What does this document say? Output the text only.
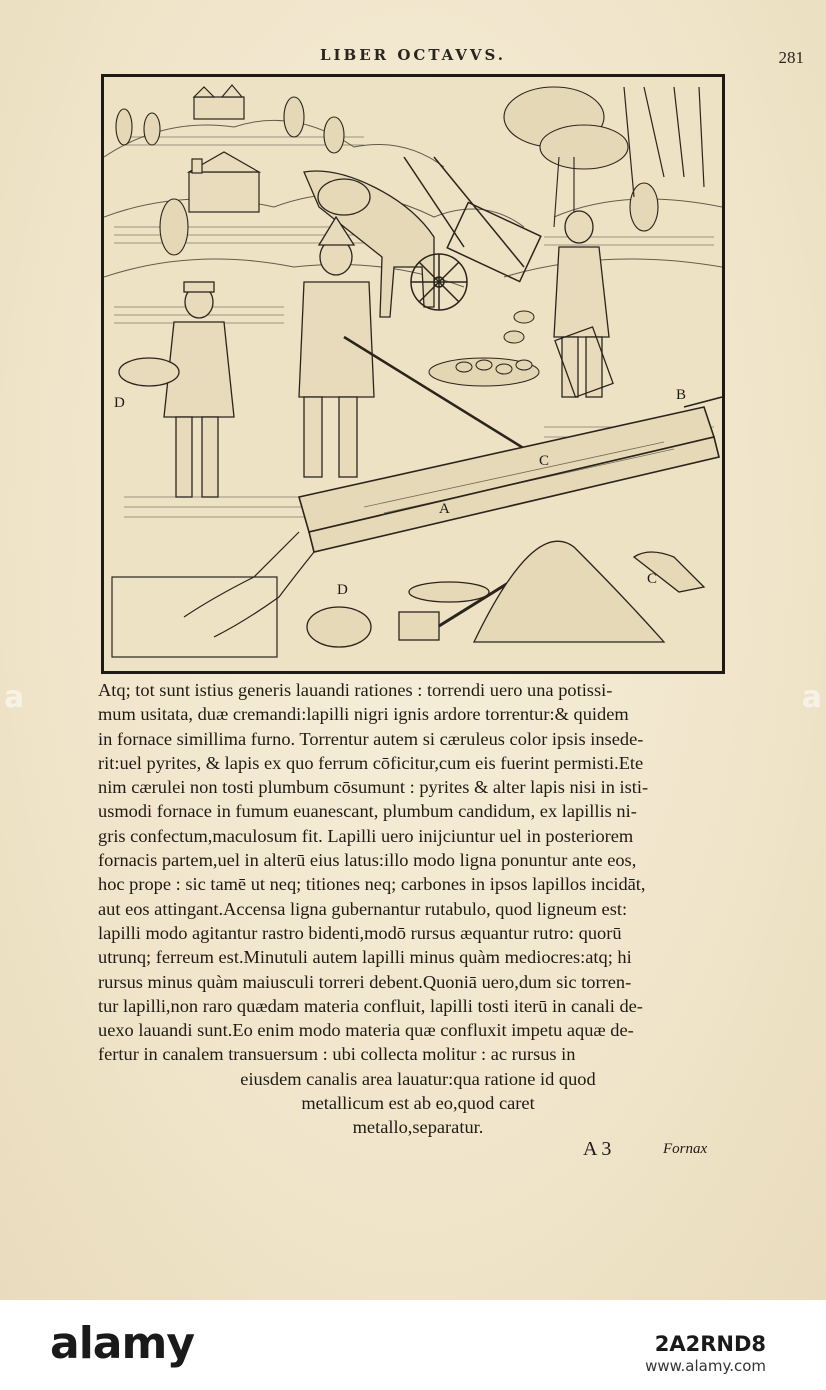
LIBER OCTAVVS.	281
A
B
C
C
D
D
Atq; tot sunt istius generis lauandi rationes : torrendi uero una potissi-
mum usitata, duæ cremandi:lapilli nigri ignis ardore torrentur:& quidem
in fornace simillima furno. Torrentur autem si cæruleus color ipsis insede-
rit:uel pyrites, & lapis ex quo ferrum cōficitur,cum eis fuerint permisti.Ete
nim cærulei non tosti plumbum cōsumunt : pyrites & alter lapis nisi in isti-
usmodi fornace in fumum euanescant, plumbum candidum, ex lapillis ni-
gris confectum,maculosum fit. Lapilli uero inijciuntur uel in posteriorem
fornacis partem,uel in alterū eius latus:illo modo ligna ponuntur ante eos,
hoc prope : sic tamē ut neq; titiones neq; carbones in ipsos lapillos incidāt,
aut eos attingant.Accensa ligna gubernantur rutabulo, quod ligneum est:
lapilli modo agitantur rastro bidenti,modō rursus æquantur rutro: quorū
utrunq; ferreum est.Minutuli autem lapilli minus quàm mediocres:atq; hi
rursus minus quàm maiusculi torreri debent.Quoniā uero,dum sic torren-
tur lapilli,non raro quædam materia confluit, lapilli tosti iterū in canali de-
uexo lauandi sunt.Eo enim modo materia quæ confluxit impetu aquæ de-
fertur in canalem transuersum : ubi collecta molitur : ac rursus in
eiusdem canalis area lauatur:qua ratione id quod
metallicum est ab eo,quod caret
metallo,separatur.
A 3	Fornax
a	a
alamy	2A2RND8
www.alamy.com
